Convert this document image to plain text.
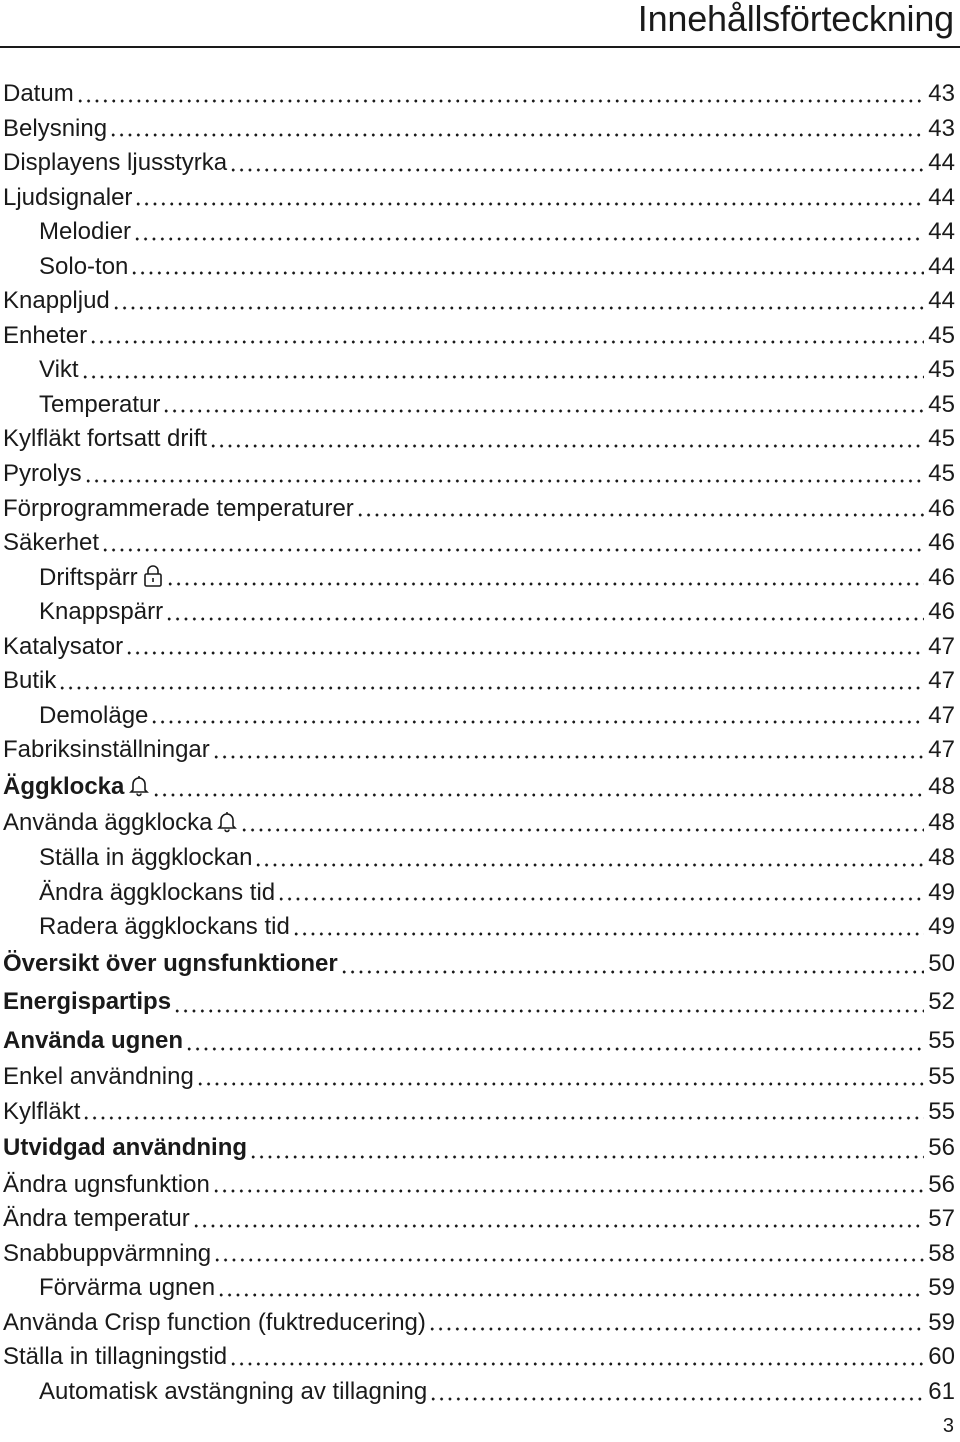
Innehållsförteckning
Datum	43
Belysning	43
Displayens ljusstyrka	44
Ljudsignaler	44
Melodier	44
Solo-ton	44
Knappljud	44
Enheter	45
Vikt	45
Temperatur	45
Kylfläkt fortsatt drift	45
Pyrolys	45
Förprogrammerade temperaturer	46
Säkerhet	46
Driftspärr	46
Knappspärr	46
Katalysator	47
Butik	47
Demoläge	47
Fabriksinställningar	47
Äggklocka	48
Använda äggklocka	48
Ställa in äggklockan	48
Ändra äggklockans tid	49
Radera äggklockans tid	49
Översikt över ugnsfunktioner	50
Energispartips	52
Använda ugnen	55
Enkel användning	55
Kylfläkt	55
Utvidgad användning	56
Ändra ugnsfunktion	56
Ändra temperatur	57
Snabbuppvärmning	58
Förvärma ugnen	59
Använda Crisp function (fuktreducering)	59
Ställa in tillagningstid	60
Automatisk avstängning av tillagning	61
3
